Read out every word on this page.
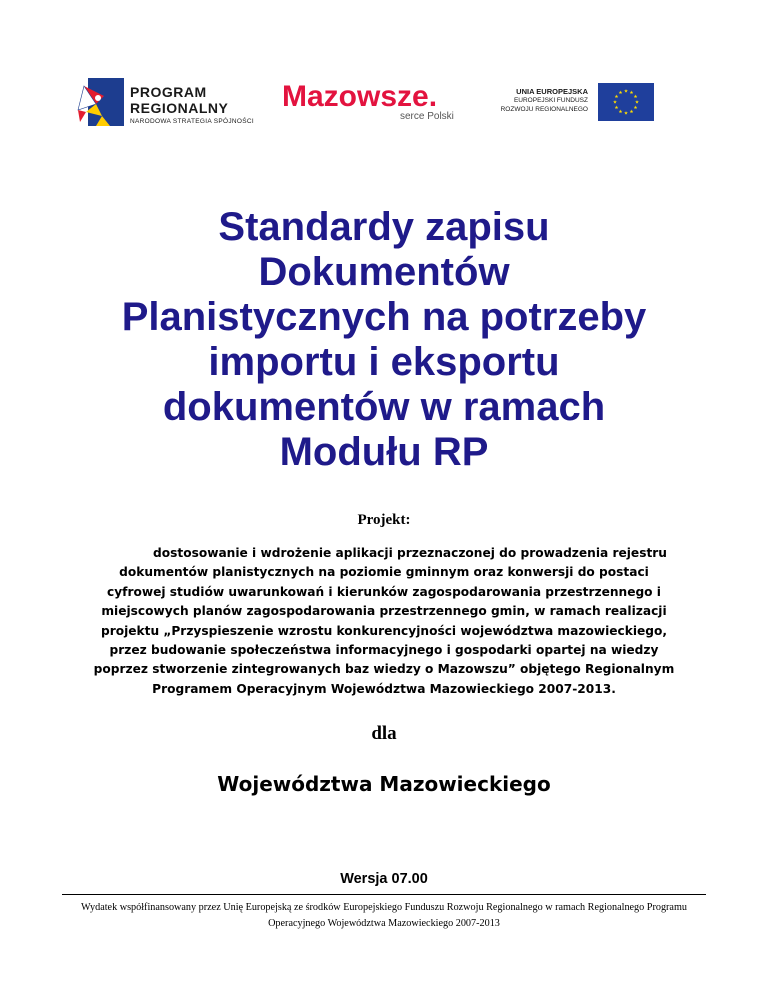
PROGRAM
REGIONALNY
NARODOWA STRATEGIA SPÓJNOŚCI
Mazowsze.
serce Polski
UNIA EUROPEJSKA
EUROPEJSKI FUNDUSZ
ROZWOJU REGIONALNEGO
Standardy zapisu
Dokumentów
Planistycznych na potrzeby
importu i eksportu
dokumentów w ramach
Modułu RP
Projekt:
dostosowanie i wdrożenie aplikacji przeznaczonej do prowadzenia rejestru
dokumentów planistycznych na poziomie gminnym oraz konwersji do postaci
cyfrowej studiów uwarunkowań i kierunków zagospodarowania przestrzennego i
miejscowych planów zagospodarowania przestrzennego gmin, w ramach realizacji
projektu „Przyspieszenie wzrostu konkurencyjności województwa mazowieckiego,
przez budowanie społeczeństwa informacyjnego i gospodarki opartej na wiedzy
poprzez stworzenie zintegrowanych baz wiedzy o Mazowszu” objętego Regionalnym
Programem Operacyjnym Województwa Mazowieckiego 2007-2013.
dla
Województwa Mazowieckiego
Wersja 07.00
Wydatek współfinansowany przez Unię Europejską ze środków Europejskiego Funduszu Rozwoju Regionalnego w ramach Regionalnego Programu
Operacyjnego Województwa Mazowieckiego 2007-2013
